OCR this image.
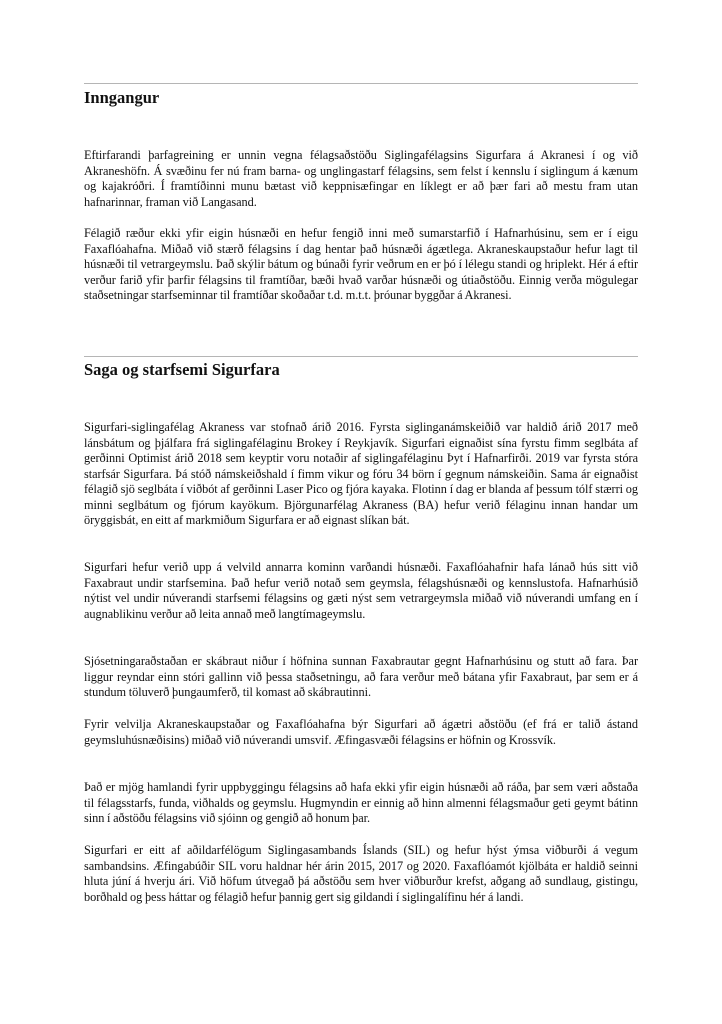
Inngangur

Eftirfarandi þarfagreining er unnin vegna félagsaðstöðu Siglingafélagsins Sigurfara á Akranesi í og við Akraneshöfn. Á svæðinu fer nú fram barna- og unglingastarf félagsins, sem felst í kennslu í siglingum á kænum og kajakróðri. Í framtíðinni munu bætast við keppnisæfingar en líklegt er að þær fari að mestu fram utan hafnarinnar, framan við Langasand.

Félagið ræður ekki yfir eigin húsnæði en hefur fengið inni með sumarstarfið í Hafnarhúsinu, sem er í eigu Faxaflóahafna. Miðað við stærð félagsins í dag hentar það húsnæði ágætlega. Akraneskaupstaður hefur lagt til húsnæði til vetrargeymslu. Það skýlir bátum og búnaði fyrir veðrum en er þó í lélegu standi og hriplekt. Hér á eftir verður farið yfir þarfir félagsins til framtíðar, bæði hvað varðar húsnæði og útiaðstöðu. Einnig verða mögulegar staðsetningar starfseminnar til framtíðar skoðaðar t.d. m.t.t. þróunar byggðar á Akranesi.

Saga og starfsemi Sigurfara

Sigurfari-siglingafélag Akraness var stofnað árið 2016. Fyrsta siglinganámskeiðið var haldið árið 2017 með lánsbátum og þjálfara frá siglingafélaginu Brokey í Reykjavík. Sigurfari eignaðist sína fyrstu fimm seglbáta af gerðinni Optimist árið 2018 sem keyptir voru notaðir af siglingafélaginu Þyt í Hafnarfirði. 2019 var fyrsta stóra starfsár Sigurfara. Þá stóð námskeiðshald í fimm vikur og fóru 34 börn í gegnum námskeiðin. Sama ár eignaðist félagið sjö seglbáta í viðbót af gerðinni Laser Pico og fjóra kayaka. Flotinn í dag er blanda af þessum tólf stærri og minni seglbátum og fjórum kayökum. Björgunarfélag Akraness (BA) hefur verið félaginu innan handar um öryggisbát, en eitt af markmiðum Sigurfara er að eignast slíkan bát.

Sigurfari hefur verið upp á velvild annarra kominn varðandi húsnæði. Faxaflóahafnir hafa lánað hús sitt við Faxabraut undir starfsemina. Það hefur verið notað sem geymsla, félagshúsnæði og kennslustofa. Hafnarhúsið nýtist vel undir núverandi starfsemi félagsins og gæti nýst sem vetrargeymsla miðað við núverandi umfang en í augnablikinu verður að leita annað með langtímageymslu.

Sjósetningaraðstaðan er skábraut niður í höfnina sunnan Faxabrautar gegnt Hafnarhúsinu og stutt að fara. Þar liggur reyndar einn stóri gallinn við þessa staðsetningu, að fara verður með bátana yfir Faxabraut, þar sem er á stundum töluverð þungaumferð, til komast að skábrautinni.

Fyrir velvilja Akraneskaupstaðar og Faxaflóahafna býr Sigurfari að ágætri aðstöðu (ef frá er talið ástand geymsluhúsnæðisins) miðað við núverandi umsvif. Æfingasvæði félagsins er höfnin og Krossvík.

Það er mjög hamlandi fyrir uppbyggingu félagsins að hafa ekki yfir eigin húsnæði að ráða, þar sem væri aðstaða til félagsstarfs, funda, viðhalds og geymslu. Hugmyndin er einnig að hinn almenni félagsmaður geti geymt bátinn sinn í aðstöðu félagsins við sjóinn og gengið að honum þar.

Sigurfari er eitt af aðildarfélögum Siglingasambands Íslands (SIL) og hefur hýst ýmsa viðburði á vegum sambandsins. Æfingabúðir SIL voru haldnar hér árin 2015, 2017 og 2020. Faxaflóamót kjölbáta er haldið seinni hluta júní á hverju ári. Við höfum útvegað þá aðstöðu sem hver viðburður krefst, aðgang að sundlaug, gistingu, borðhald og þess háttar og félagið hefur þannig gert sig gildandi í siglingalífinu hér á landi.
